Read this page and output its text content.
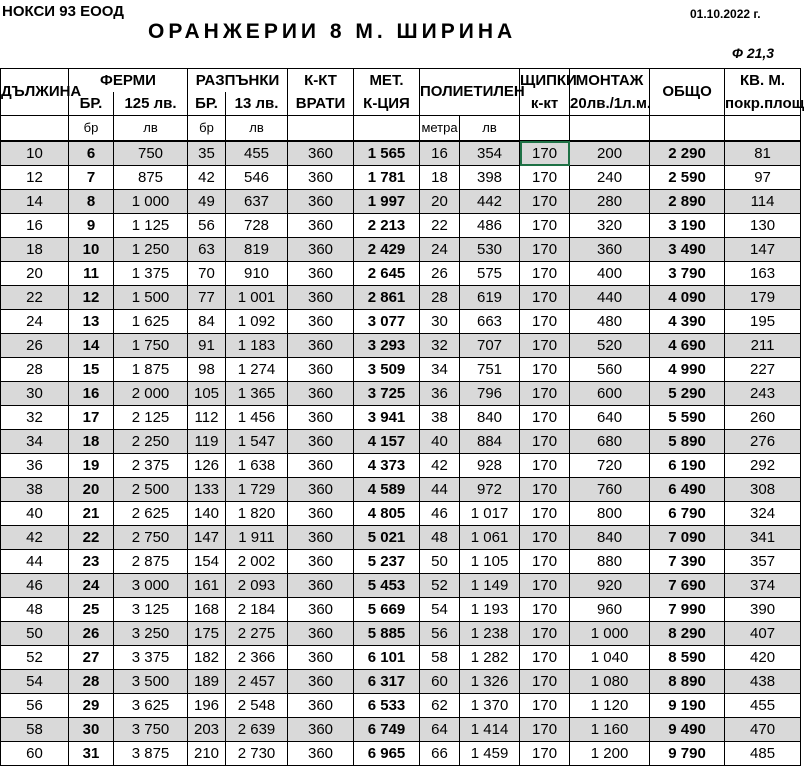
НОКСИ 93 ЕООД	01.10.2022 г.
ОРАНЖЕРИИ 8 М. ШИРИНА
Ф 21,3
ДЪЛЖИНА	ФЕРМИ		РАЗПЪНКИ		К-КТ	МЕТ.	ПОЛИЕТИЛЕН		ЩИПКИ	МОНТАЖ	ОБЩО	КВ. М.
	БР.	125 лв.	БР.	13 лв.	ВРАТИ	К-ЦИЯ			к-кт	20лв./1л.м.		покр.площ
	бр	лв	бр	лв			метра	лв				
10	6	750	35	455	360	1 565	16	354	170	200	2 290	81
12	7	875	42	546	360	1 781	18	398	170	240	2 590	97
14	8	1 000	49	637	360	1 997	20	442	170	280	2 890	114
16	9	1 125	56	728	360	2 213	22	486	170	320	3 190	130
18	10	1 250	63	819	360	2 429	24	530	170	360	3 490	147
20	11	1 375	70	910	360	2 645	26	575	170	400	3 790	163
22	12	1 500	77	1 001	360	2 861	28	619	170	440	4 090	179
24	13	1 625	84	1 092	360	3 077	30	663	170	480	4 390	195
26	14	1 750	91	1 183	360	3 293	32	707	170	520	4 690	211
28	15	1 875	98	1 274	360	3 509	34	751	170	560	4 990	227
30	16	2 000	105	1 365	360	3 725	36	796	170	600	5 290	243
32	17	2 125	112	1 456	360	3 941	38	840	170	640	5 590	260
34	18	2 250	119	1 547	360	4 157	40	884	170	680	5 890	276
36	19	2 375	126	1 638	360	4 373	42	928	170	720	6 190	292
38	20	2 500	133	1 729	360	4 589	44	972	170	760	6 490	308
40	21	2 625	140	1 820	360	4 805	46	1 017	170	800	6 790	324
42	22	2 750	147	1 911	360	5 021	48	1 061	170	840	7 090	341
44	23	2 875	154	2 002	360	5 237	50	1 105	170	880	7 390	357
46	24	3 000	161	2 093	360	5 453	52	1 149	170	920	7 690	374
48	25	3 125	168	2 184	360	5 669	54	1 193	170	960	7 990	390
50	26	3 250	175	2 275	360	5 885	56	1 238	170	1 000	8 290	407
52	27	3 375	182	2 366	360	6 101	58	1 282	170	1 040	8 590	420
54	28	3 500	189	2 457	360	6 317	60	1 326	170	1 080	8 890	438
56	29	3 625	196	2 548	360	6 533	62	1 370	170	1 120	9 190	455
58	30	3 750	203	2 639	360	6 749	64	1 414	170	1 160	9 490	470
60	31	3 875	210	2 730	360	6 965	66	1 459	170	1 200	9 790	485
